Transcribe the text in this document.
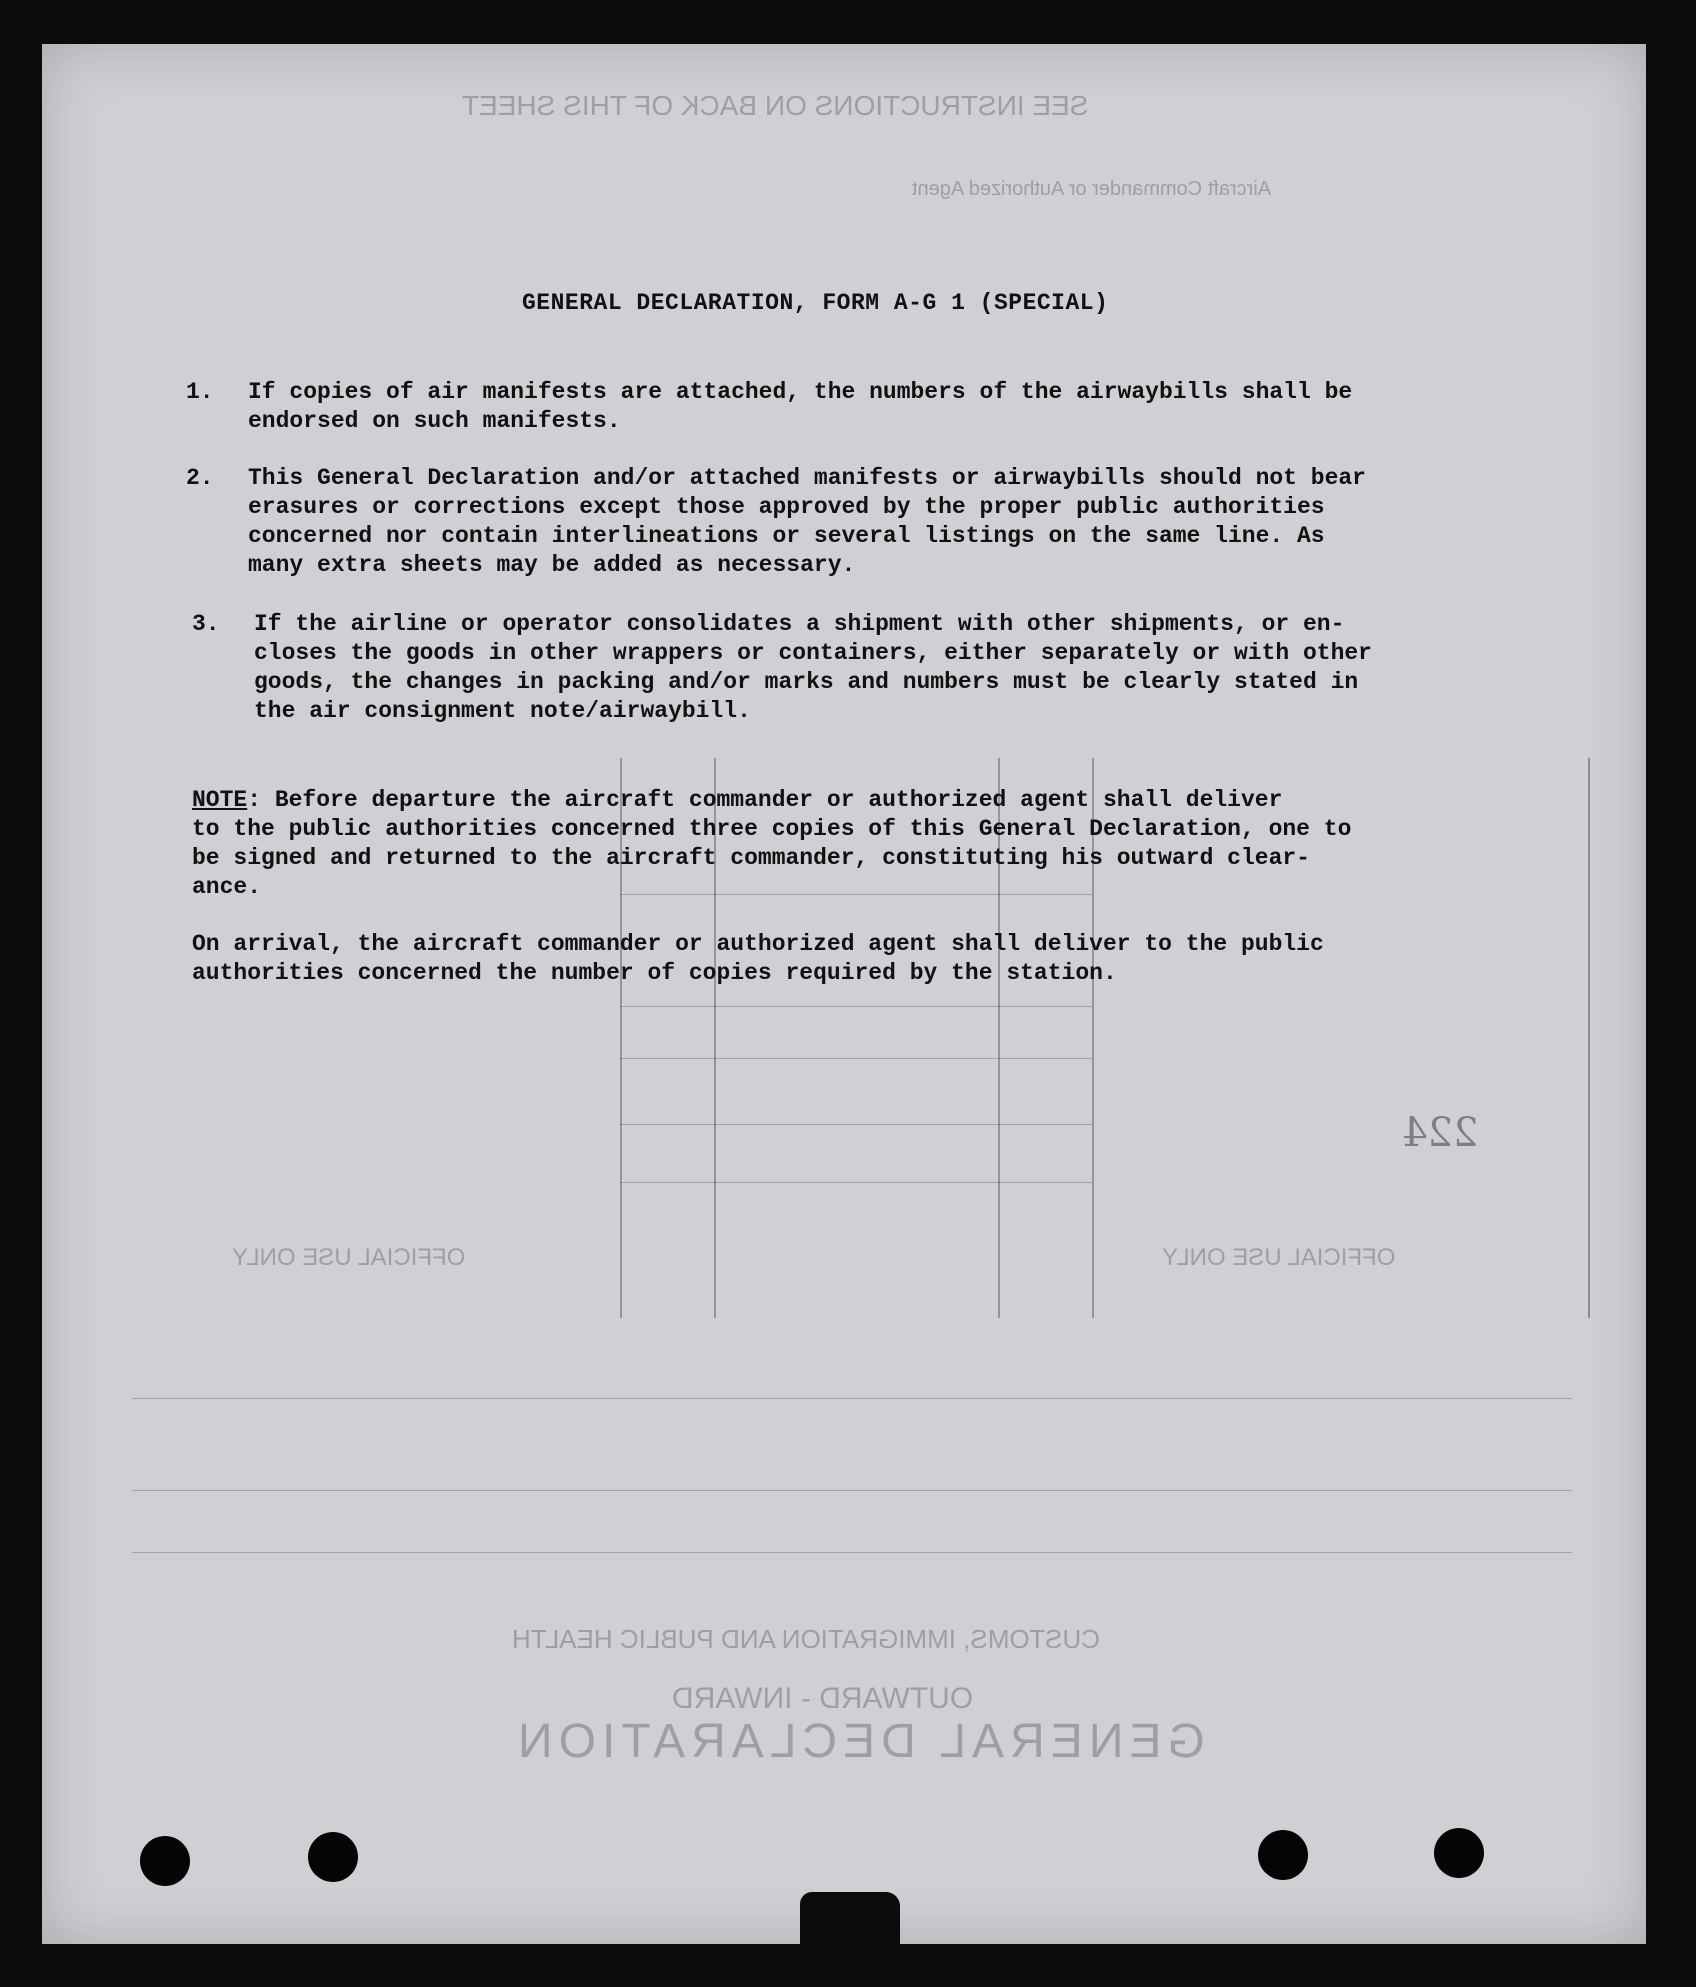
SEE INSTRUCTIONS ON BACK OF THIS SHEET
Aircraft Commander or Authorized Agent
CUSTOMS, IMMIGRATION AND PUBLIC HEALTH
OUTWARD - INWARD
GENERAL DECLARATION
OFFICIAL USE ONLY	OFFICIAL USE ONLY
224
GENERAL DECLARATION, FORM A-G 1 (SPECIAL)
1. If copies of air manifests are attached, the numbers of the airwaybills shall be
endorsed on such manifests.
2. This General Declaration and/or attached manifests or airwaybills should not bear
erasures or corrections except those approved by the proper public authorities
concerned nor contain interlineations or several listings on the same line. As
many extra sheets may be added as necessary.
3. If the airline or operator consolidates a shipment with other shipments, or en-
closes the goods in other wrappers or containers, either separately or with other
goods, the changes in packing and/or marks and numbers must be clearly stated in
the air consignment note/airwaybill.
NOTE: Before departure the aircraft commander or authorized agent shall deliver
to the public authorities concerned three copies of this General Declaration, one to
be signed and returned to the aircraft commander, constituting his outward clear-
ance.
On arrival, the aircraft commander or authorized agent shall deliver to the public
authorities concerned the number of copies required by the station.
